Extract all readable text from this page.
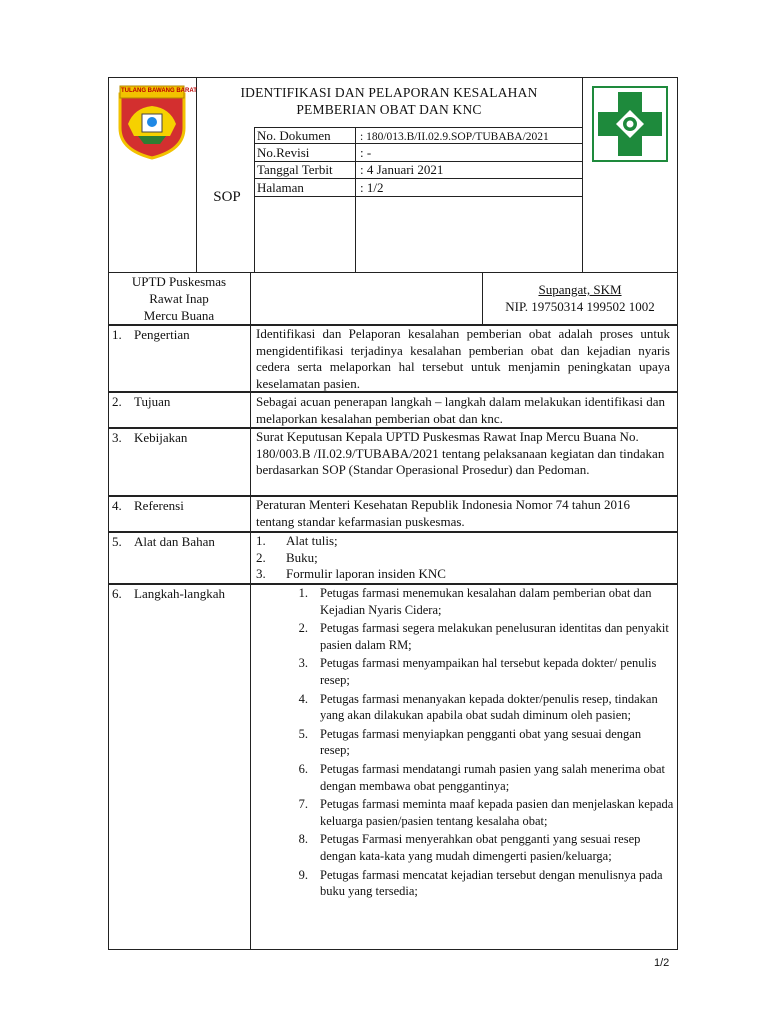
TULANG BAWANG BARAT	IDENTIFIKASI DAN PELAPORAN KESALAHAN
PEMBERIAN OBAT DAN KNC
SOP
No. Dokumen	: 180/013.B/II.02.9.SOP/TUBABA/2021
No.Revisi	: -
Tanggal Terbit : 4 Januari 2021
Halaman	: 1/2
UPTD Puskesmas
Rawat Inap
Mercu Buana
Supangat, SKM
NIP. 19750314 199502 1002
1. Pengertian	Identifikasi dan Pelaporan kesalahan pemberian obat adalah proses untuk mengidentifikasi terjadinya kesalahan pemberian obat dan kejadian nyaris cedera serta melaporkan hal tersebut untuk menjamin peningkatan upaya keselamatan pasien.
2. Tujuan	Sebagai acuan penerapan langkah – langkah dalam melakukan identifikasi dan melaporkan kesalahan pemberian obat dan knc.
3. Kebijakan	Surat Keputusan Kepala UPTD Puskesmas Rawat Inap Mercu Buana No. 180/003.B /II.02.9/TUBABA/2021 tentang pelaksanaan kegiatan dan tindakan berdasarkan SOP (Standar Operasional Prosedur) dan Pedoman.
4. Referensi	Peraturan Menteri Kesehatan Republik Indonesia Nomor 74 tahun 2016 tentang standar kefarmasian puskesmas.
5. Alat dan Bahan	1. Alat tulis;
2. Buku;
3. Formulir laporan insiden KNC
6. Langkah-langkah	1. Petugas farmasi menemukan kesalahan dalam pemberian obat dan Kejadian Nyaris Cidera;
2. Petugas farmasi segera melakukan penelusuran identitas dan penyakit pasien dalam RM;
3. Petugas farmasi menyampaikan hal tersebut kepada dokter/ penulis resep;
4. Petugas farmasi menanyakan kepada dokter/penulis resep, tindakan yang akan dilakukan apabila obat sudah diminum oleh pasien;
5. Petugas farmasi menyiapkan pengganti obat yang sesuai dengan resep;
6. Petugas farmasi mendatangi rumah pasien yang salah menerima obat dengan membawa obat penggantinya;
7. Petugas farmasi meminta maaf kepada pasien dan menjelaskan kepada keluarga pasien/pasien tentang kesalaha obat;
8. Petugas Farmasi menyerahkan obat pengganti yang sesuai resep dengan kata-kata yang mudah dimengerti pasien/keluarga;
9. Petugas farmasi mencatat kejadian tersebut dengan menulisnya pada buku yang tersedia;
1/2
